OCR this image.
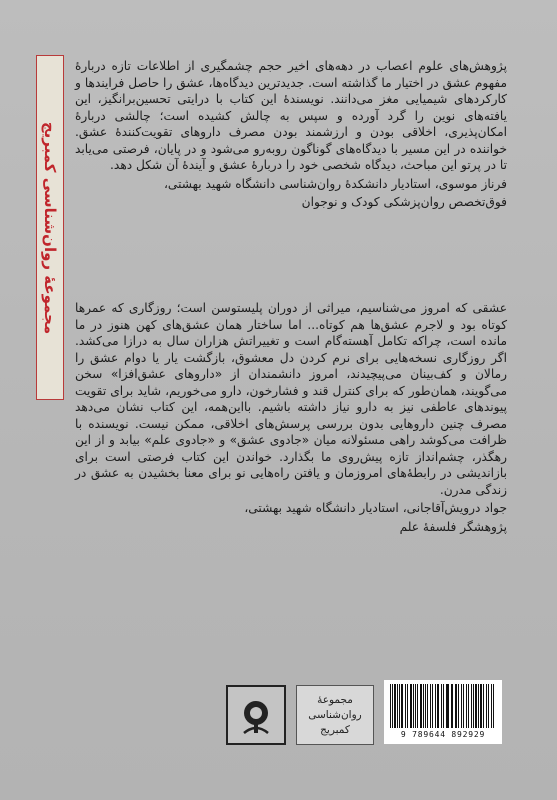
مجموعهٔ روان‌شناسی کمبریج

پژوهش‌های علوم اعصاب در دهه‌های اخیر حجم چشمگیری از اطلاعات تازه دربارهٔ مفهوم عشق در اختیار ما گذاشته است. جدیدترین دیدگاه‌ها، عشق را حاصل فرایندها و کارکردهای شیمیایی مغز می‌دانند. نویسندهٔ این کتاب با درایتی تحسین‌برانگیز، این یافته‌های نوین را گرد آورده و سپس به چالش کشیده است؛ چالشی دربارهٔ امکان‌پذیری، اخلاقی بودن و ارزشمند بودن مصرف داروهای تقویت‌کنندهٔ عشق. خواننده در این مسیر با دیدگاه‌های گوناگون روبه‌رو می‌شود و در پایان، فرصتی می‌یابد تا در پرتو این مباحث، دیدگاه شخصی خود را دربارهٔ عشق و آیندهٔ آن شکل دهد.

فرناز موسوی، استادیار دانشکدهٔ روان‌شناسی دانشگاه شهید بهشتی،
فوق‌تخصص روان‌پزشکی کودک و نوجوان

عشقی که امروز می‌شناسیم، میراثی از دوران پلیستوسن است؛ روزگاری که عمرها کوتاه بود و لاجرم عشق‌ها هم کوتاه... اما ساختار همان عشق‌های کهن هنوز در ما مانده است، چراکه تکامل آهسته‌گام است و تغییراتش هزاران سال به درازا می‌کشد. اگر روزگاری نسخه‌هایی برای نرم کردن دل معشوق، بازگشت یار یا دوام عشق را رمالان و کف‌بینان می‌پیچیدند، امروز دانشمندان از «داروهای عشق‌افزا» سخن می‌گویند، همان‌طور که برای کنترل قند و فشارخون، دارو می‌خوریم، شاید برای تقویت پیوندهای عاطفی نیز به دارو نیاز داشته باشیم. با‌این‌همه، این کتاب نشان می‌دهد مصرف چنین داروهایی بدون بررسی پرسش‌های اخلاقی، ممکن نیست. نویسنده با ظرافت می‌کوشد راهی مسئولانه میان «جادوی عشق» و «جادوی علم» بیابد و از این رهگذر، چشم‌انداز تازه پیش‌روی ما بگذارد. خواندن این کتاب فرصتی است برای بازاندیشی در رابطهٔ‌های امروزمان و یافتن راه‌هایی نو برای معنا بخشیدن به عشق در زندگی مدرن.

جواد درویش‌آقاجانی، استادیار دانشگاه شهید بهشتی،
پژوهشگر فلسفهٔ علم
مجموعهٔ روان‌شناسی
کمبریج	9 789644 892929
